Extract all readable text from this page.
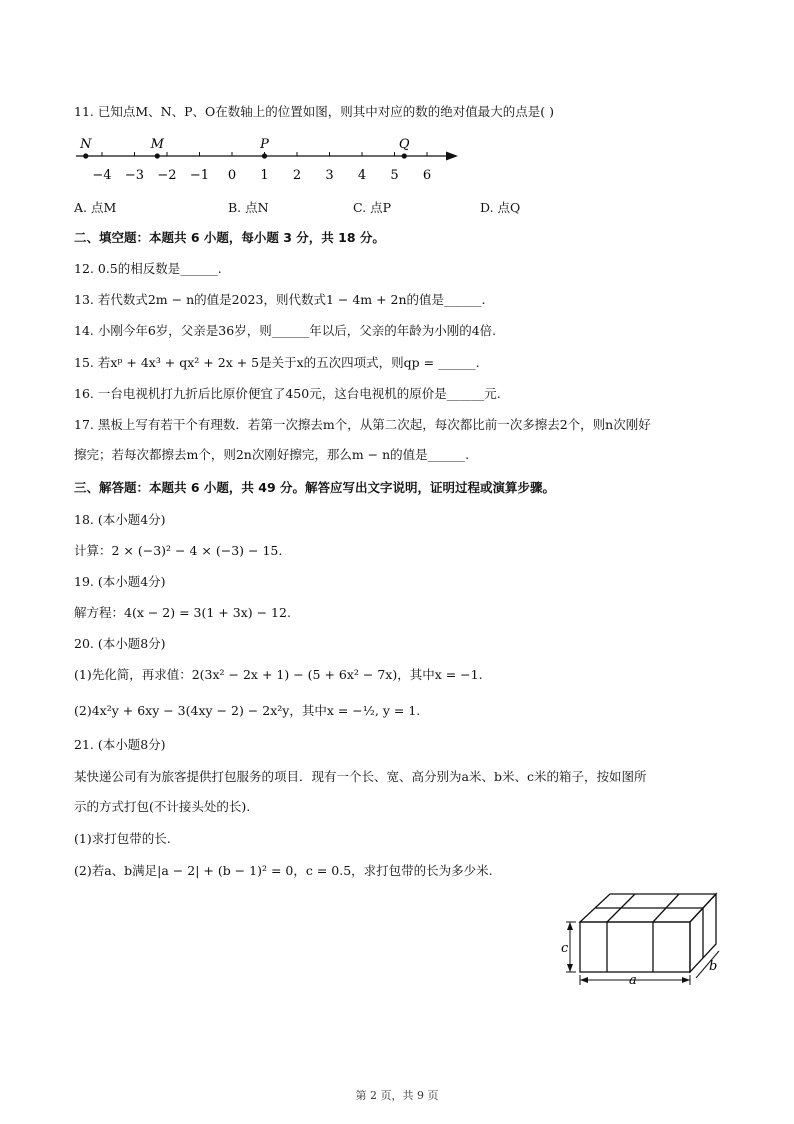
11. 已知点M、N、P、O在数轴上的位置如图，则其中对应的数的绝对值最大的点是( )
−4 −3 −2 −1 0 1 2 3 4 5 6
N	M	P	Q
A. 点M	B. 点N	C. 点P	D. 点Q
二、填空题：本题共 6 小题，每小题 3 分，共 18 分。
12. 0.5的相反数是______.
13. 若代数式2m − n的值是2023，则代数式1 − 4m + 2n的值是______.
14. 小刚今年6岁，父亲是36岁，则______年以后，父亲的年龄为小刚的4倍.
15. 若xᵖ + 4x³ + qx² + 2x + 5是关于x的五次四项式，则qp = ______.
16. 一台电视机打九折后比原价便宜了450元，这台电视机的原价是______元.
17. 黑板上写有若干个有理数．若第一次擦去m个，从第二次起，每次都比前一次多擦去2个，则n次刚好
擦完；若每次都擦去m个，则2n次刚好擦完，那么m − n的值是______.
三、解答题：本题共 6 小题，共 49 分。解答应写出文字说明，证明过程或演算步骤。
18. (本小题4分)
计算：2 × (−3)² − 4 × (−3) − 15.
19. (本小题4分)
解方程：4(x − 2) = 3(1 + 3x) − 12.
20. (本小题8分)
(1)先化简，再求值：2(3x² − 2x + 1) − (5 + 6x² − 7x)，其中x = −1.
(2)4x²y + 6xy − 3(4xy − 2) − 2x²y，其中x = −½, y = 1.
21. (本小题8分)
某快递公司有为旅客提供打包服务的项目．现有一个长、宽、高分别为a米、b米、c米的箱子，按如图所
示的方式打包(不计接头处的长).
(1)求打包带的长.
(2)若a、b满足|a − 2| + (b − 1)² = 0，c = 0.5，求打包带的长为多少米.
c
a
b
第 2 页，共 9 页
